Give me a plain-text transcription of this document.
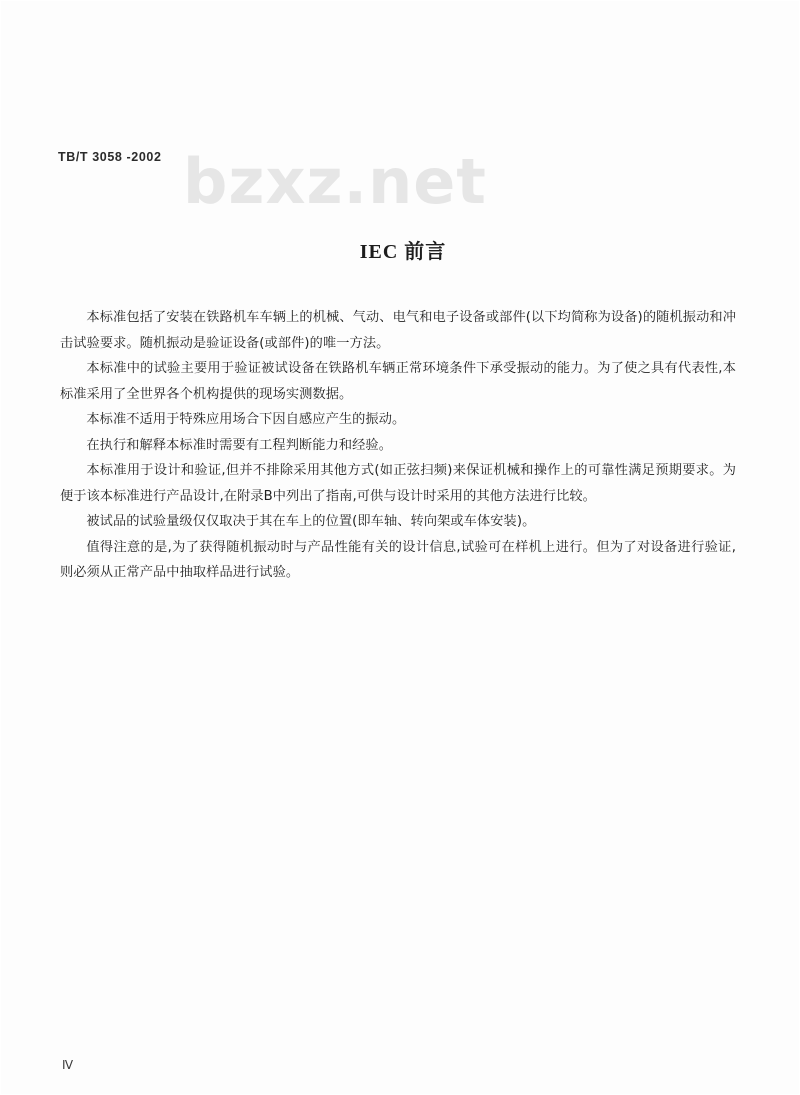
TB/T 3058 -2002 bzxz.net
IEC 前言

本标准包括了安装在铁路机车车辆上的机械、气动、电气和电子设备或部件(以下均简称为设备)的随机振动和冲击试验要求。随机振动是验证设备(或部件)的唯一方法。

本标准中的试验主要用于验证被试设备在铁路机车辆正常环境条件下承受振动的能力。为了使之具有代表性,本标准采用了全世界各个机构提供的现场实测数据。

本标准不适用于特殊应用场合下因自感应产生的振动。

在执行和解释本标准时需要有工程判断能力和经验。

本标准用于设计和验证,但并不排除采用其他方式(如正弦扫频)来保证机械和操作上的可靠性满足预期要求。为便于该本标准进行产品设计,在附录B中列出了指南,可供与设计时采用的其他方法进行比较。

被试品的试验量级仅仅取决于其在车上的位置(即车轴、转向架或车体安装)。

值得注意的是,为了获得随机振动时与产品性能有关的设计信息,试验可在样机上进行。但为了对设备进行验证,则必须从正常产品中抽取样品进行试验。

Ⅳ
